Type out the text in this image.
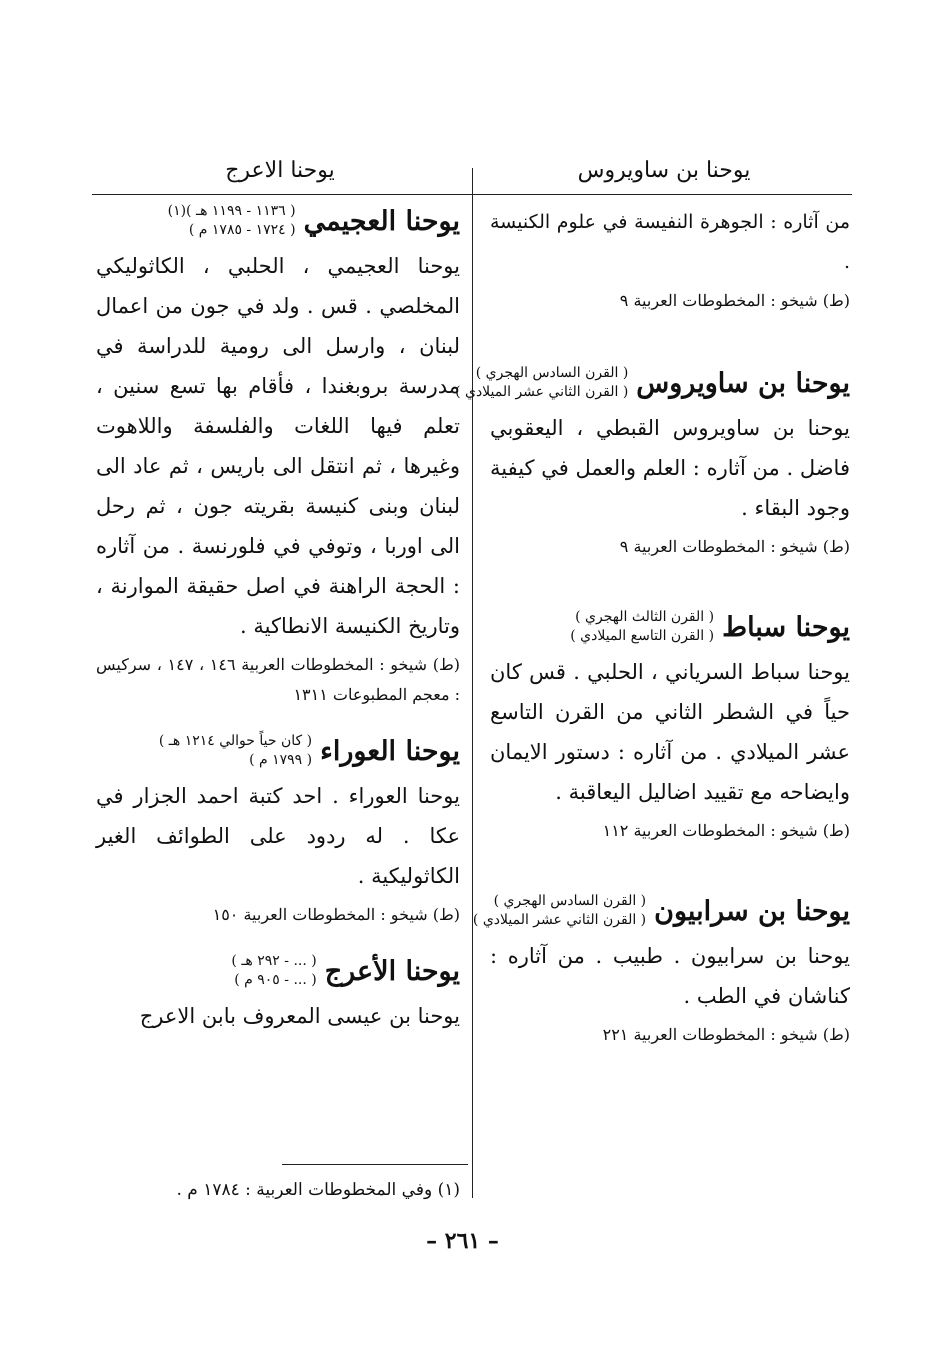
يوحنا بن ساويروس
يوحنا الاعرج

من آثاره : الجوهرة النفيسة في علوم الكنيسة .

(ط) شيخو : المخطوطات العربية ٩

يوحنا بن ساويروس
( القرن السادس الهجري )
( القرن الثاني عشر الميلادي )

يوحنا بن ساويروس القبطي ، اليعقوبي فاضل . من آثاره : العلم والعمل في كيفية وجود البقاء .

(ط) شيخو : المخطوطات العربية ٩

يوحنا سباط
( القرن الثالث الهجري )
( القرن التاسع الميلادي )

يوحنا سباط السرياني ، الحلبي . قس كان حياً في الشطر الثاني من القرن التاسع عشر الميلادي . من آثاره : دستور الايمان وايضاحه مع تقييد اضاليل اليعاقبة .

(ط) شيخو : المخطوطات العربية ١١٢

يوحنا بن سرابيون
( القرن السادس الهجري )
( القرن الثاني عشر الميلادي )

يوحنا بن سرابيون . طبيب . من آثاره : كناشان في الطب .

(ط) شيخو : المخطوطات العربية ٢٢١

يوحنا العجيمي
( ١١٣٦ - ١١٩٩ هـ )(١)
( ١٧٢٤ - ١٧٨٥ م )

يوحنا العجيمي ، الحلبي ، الكاثوليكي المخلصي . قس . ولد في جون من اعمال لبنان ، وارسل الى رومية للدراسة في مدرسة بروبغندا ، فأقام بها تسع سنين ، تعلم فيها اللغات والفلسفة واللاهوت وغيرها ، ثم انتقل الى باريس ، ثم عاد الى لبنان وبنى كنيسة بقريته جون ، ثم رحل الى اوربا ، وتوفي في فلورنسة . من آثاره : الحجة الراهنة في اصل حقيقة الموارنة ، وتاريخ الكنيسة الانطاكية .

(ط) شيخو : المخطوطات العربية ١٤٦ ، ١٤٧ ، سركيس : معجم المطبوعات ١٣١١

يوحنا العوراء
( كان حياً حوالي ١٢١٤ هـ )
( ١٧٩٩ م )

يوحنا العوراء . احد كتبة احمد الجزار في عكا . له ردود على الطوائف الغير الكاثوليكية .

(ط) شيخو : المخطوطات العربية ١٥٠

يوحنا الأعرج
( ... - ٢٩٢ هـ )
( ... - ٩٠٥ م )

يوحنا بن عيسى المعروف بابن الاعرج

(١) وفي المخطوطات العربية : ١٧٨٤ م .
– ٢٦١ –
